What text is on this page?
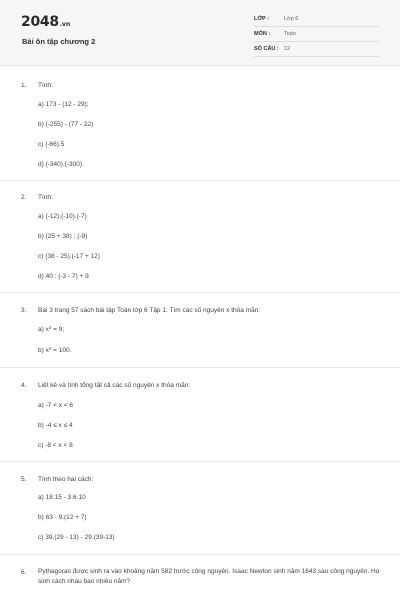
2048.vn
Bài ôn tập chương 2
LỚP :	Lớp 6
MÔN :	Toán
SỐ CÂU : 12
1. Tính:
a) 173 - (12 - 29);
b) (-255) - (77 - 22)
c) (-66).5
d) (-340).(-300)
2. Tính:
a) (-12).(-10).(-7)
b) (25 + 38) : (-9)
c) (38 - 25).(-17 + 12)
d) 40 : (-3 - 7) + 9
3. Bài 3 trang 57 sách bài tập Toán lớp 6 Tập 1: Tìm các số nguyên x thỏa mãn:
a) $x^2 = 9$;
b) $x^2 = 100$.
4. Liệt kê và tính tổng tất cả các số nguyên x thỏa mãn:
a) -7 < x < 6
b) -4 ≤ x ≤ 4
c) -8 < x < 8
5. Tính theo hai cách:
a) 18.15 - 3.6.10
b) 63 - 9.(12 + 7)
c) 39.(29 - 13) - 29.(39-13)
6. Pythagoras được sinh ra vào khoảng năm 582 trước công nguyên. Isaac Newton sinh năm 1643 sau công nguyên. Họ sinh cách nhau bao nhiêu năm?
